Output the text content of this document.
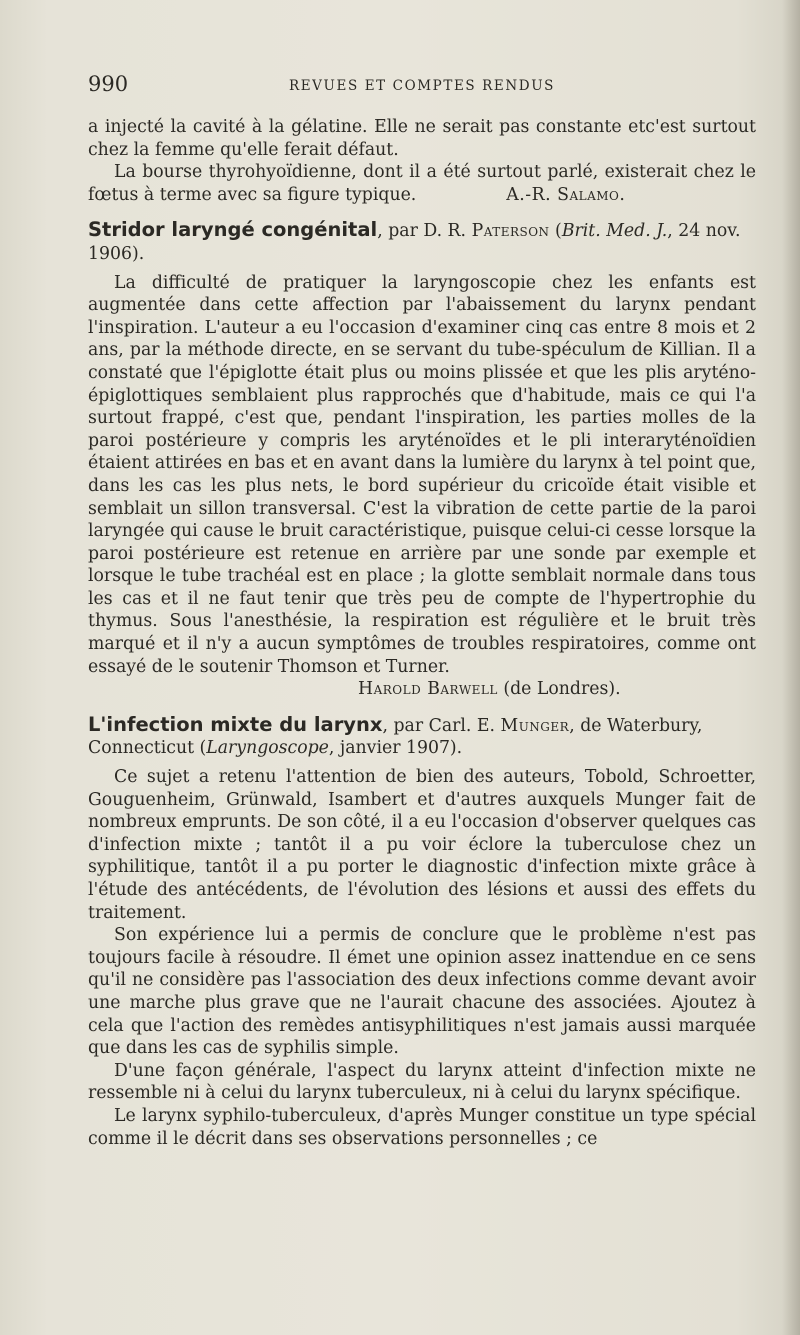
990	REVUES ET COMPTES RENDUS

a injecté la cavité à la gélatine. Elle ne serait pas constante etc'est surtout chez la femme qu'elle ferait défaut.

La bourse thyrohyoïdienne, dont il a été surtout parlé, existerait chez le fœtus à terme avec sa figure typique.	A.-R. Salamo.

Stridor laryngé congénital, par D. R. Paterson (Brit. Med. J., 24 nov. 1906).

La difficulté de pratiquer la laryngoscopie chez les enfants est augmentée dans cette affection par l'abaissement du larynx pendant l'inspiration. L'auteur a eu l'occasion d'examiner cinq cas entre 8 mois et 2 ans, par la méthode directe, en se servant du tube-spéculum de Killian. Il a constaté que l'épiglotte était plus ou moins plissée et que les plis aryténo-épiglottiques semblaient plus rapprochés que d'habitude, mais ce qui l'a surtout frappé, c'est que, pendant l'inspiration, les parties molles de la paroi postérieure y compris les aryténoïdes et le pli interaryténoïdien étaient attirées en bas et en avant dans la lumière du larynx à tel point que, dans les cas les plus nets, le bord supérieur du cricoïde était visible et semblait un sillon transversal. C'est la vibration de cette partie de la paroi laryngée qui cause le bruit caractéristique, puisque celui-ci cesse lorsque la paroi postérieure est retenue en arrière par une sonde par exemple et lorsque le tube trachéal est en place ; la glotte semblait normale dans tous les cas et il ne faut tenir que très peu de compte de l'hypertrophie du thymus. Sous l'anesthésie, la respiration est régulière et le bruit très marqué et il n'y a aucun symptômes de troubles respiratoires, comme ont essayé de le soutenir Thomson et Turner.

Harold Barwell (de Londres).

L'infection mixte du larynx, par Carl. E. Munger, de Waterbury, Connecticut (Laryngoscope, janvier 1907).

Ce sujet a retenu l'attention de bien des auteurs, Tobold, Schroetter, Gouguenheim, Grünwald, Isambert et d'autres auxquels Munger fait de nombreux emprunts. De son côté, il a eu l'occasion d'observer quelques cas d'infection mixte ; tantôt il a pu voir éclore la tuberculose chez un syphilitique, tantôt il a pu porter le diagnostic d'infection mixte grâce à l'étude des antécédents, de l'évolution des lésions et aussi des effets du traitement.

Son expérience lui a permis de conclure que le problème n'est pas toujours facile à résoudre. Il émet une opinion assez inattendue en ce sens qu'il ne considère pas l'association des deux infections comme devant avoir une marche plus grave que ne l'aurait chacune des associées. Ajoutez à cela que l'action des remèdes antisyphilitiques n'est jamais aussi marquée que dans les cas de syphilis simple.

D'une façon générale, l'aspect du larynx atteint d'infection mixte ne ressemble ni à celui du larynx tuberculeux, ni à celui du larynx spécifique.

Le larynx syphilo-tuberculeux, d'après Munger constitue un type spécial comme il le décrit dans ses observations personnelles ; ce
